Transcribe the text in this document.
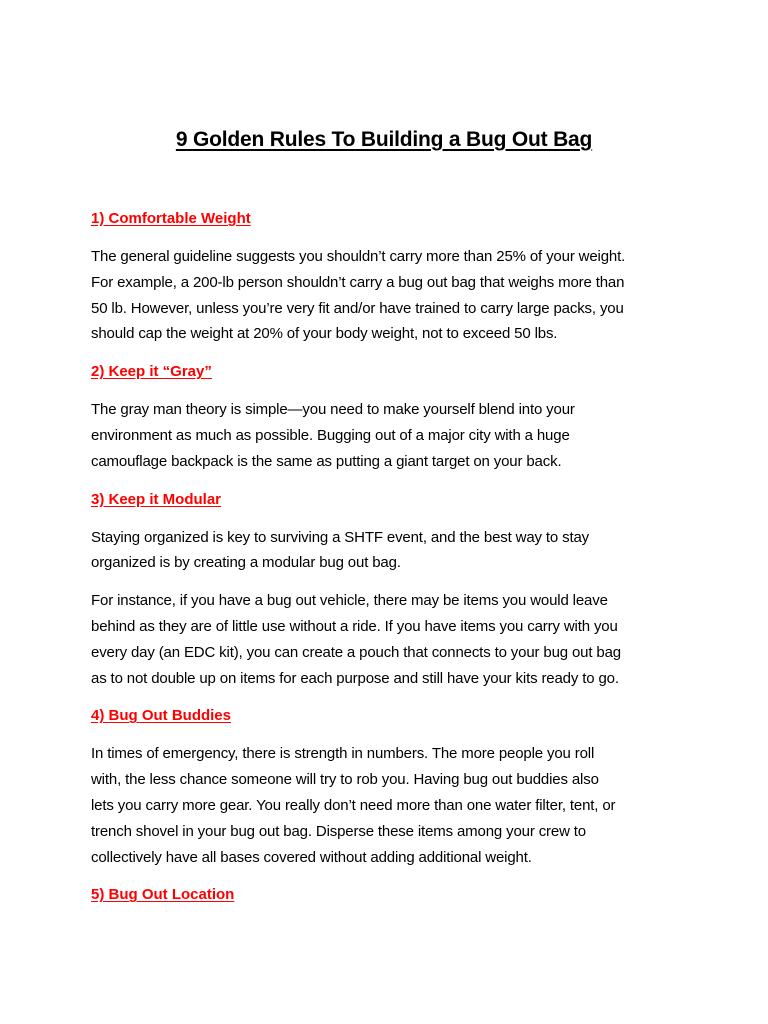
9 Golden Rules To Building a Bug Out Bag
1) Comfortable Weight
The general guideline suggests you shouldn’t carry more than 25% of your weight.
For example, a 200-lb person shouldn’t carry a bug out bag that weighs more than
50 lb. However, unless you’re very fit and/or have trained to carry large packs, you
should cap the weight at 20% of your body weight, not to exceed 50 lbs.
2) Keep it “Gray”
The gray man theory is simple—you need to make yourself blend into your
environment as much as possible. Bugging out of a major city with a huge
camouflage backpack is the same as putting a giant target on your back.
3) Keep it Modular
Staying organized is key to surviving a SHTF event, and the best way to stay
organized is by creating a modular bug out bag.
For instance, if you have a bug out vehicle, there may be items you would leave
behind as they are of little use without a ride. If you have items you carry with you
every day (an EDC kit), you can create a pouch that connects to your bug out bag
as to not double up on items for each purpose and still have your kits ready to go.
4) Bug Out Buddies
In times of emergency, there is strength in numbers. The more people you roll
with, the less chance someone will try to rob you. Having bug out buddies also
lets you carry more gear. You really don’t need more than one water filter, tent, or
trench shovel in your bug out bag. Disperse these items among your crew to
collectively have all bases covered without adding additional weight.
5) Bug Out Location
